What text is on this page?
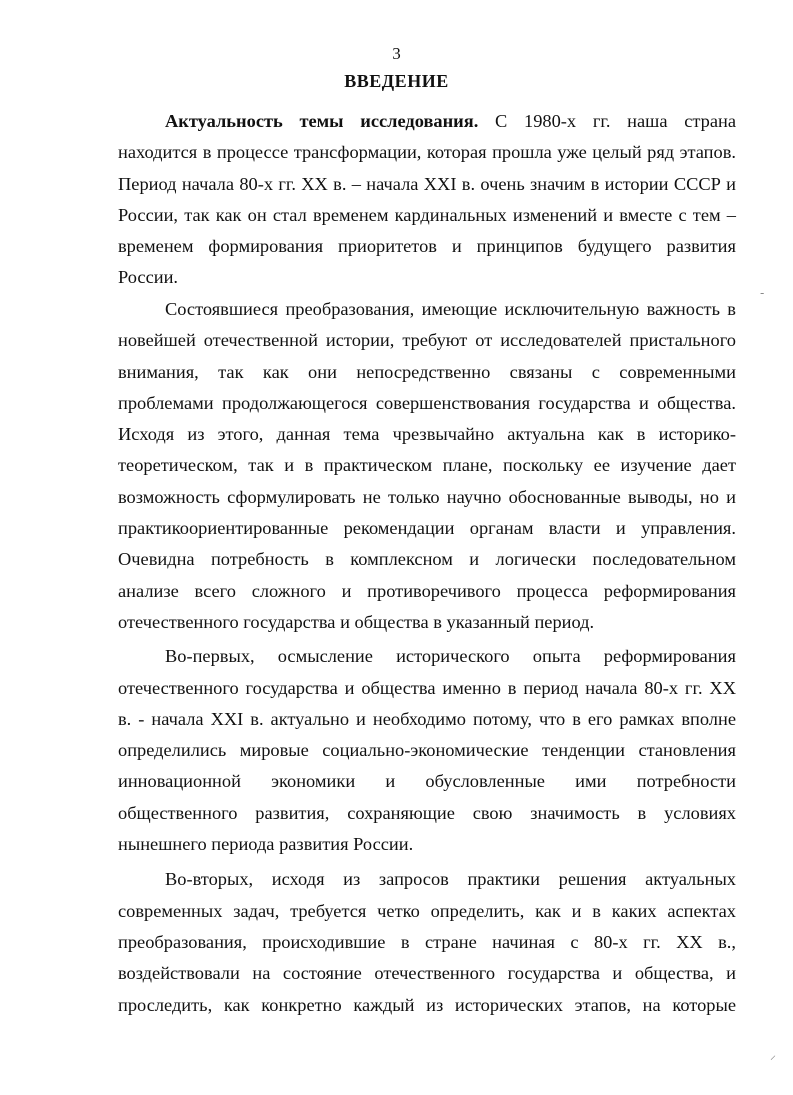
3
ВВЕДЕНИЕ
Актуальность темы исследования. С 1980-х гг. наша страна
находится в процессе трансформации, которая прошла уже целый ряд этапов.
Период начала 80-х гг. XX в. – начала XXI в. очень значим в истории СССР и
России, так как он стал временем кардинальных изменений и вместе с тем –
временем формирования приоритетов и принципов будущего развития
России.
Состоявшиеся преобразования, имеющие исключительную важность в
новейшей отечественной истории, требуют от исследователей пристального
внимания, так как они непосредственно связаны с современными
проблемами продолжающегося совершенствования государства и общества.
Исходя из этого, данная тема чрезвычайно актуальна как в историко-
теоретическом, так и в практическом плане, поскольку ее изучение дает
возможность сформулировать не только научно обоснованные выводы, но и
практикоориентированные рекомендации органам власти и управления.
Очевидна потребность в комплексном и логически последовательном
анализе всего сложного и противоречивого процесса реформирования
отечественного государства и общества в указанный период.
Во-первых, осмысление исторического опыта реформирования
отечественного государства и общества именно в период начала 80-х гг. XX
в. - начала XXI в. актуально и необходимо потому, что в его рамках вполне
определились мировые социально-экономические тенденции становления
инновационной экономики и обусловленные ими потребности
общественного развития, сохраняющие свою значимость в условиях
нынешнего периода развития России.
Во-вторых, исходя из запросов практики решения актуальных
современных задач, требуется четко определить, как и в каких аспектах
преобразования, происходившие в стране начиная с 80-х гг. XX в.,
воздействовали на состояние отечественного государства и общества, и
проследить, как конкретно каждый из исторических этапов, на которые
-
⸝
